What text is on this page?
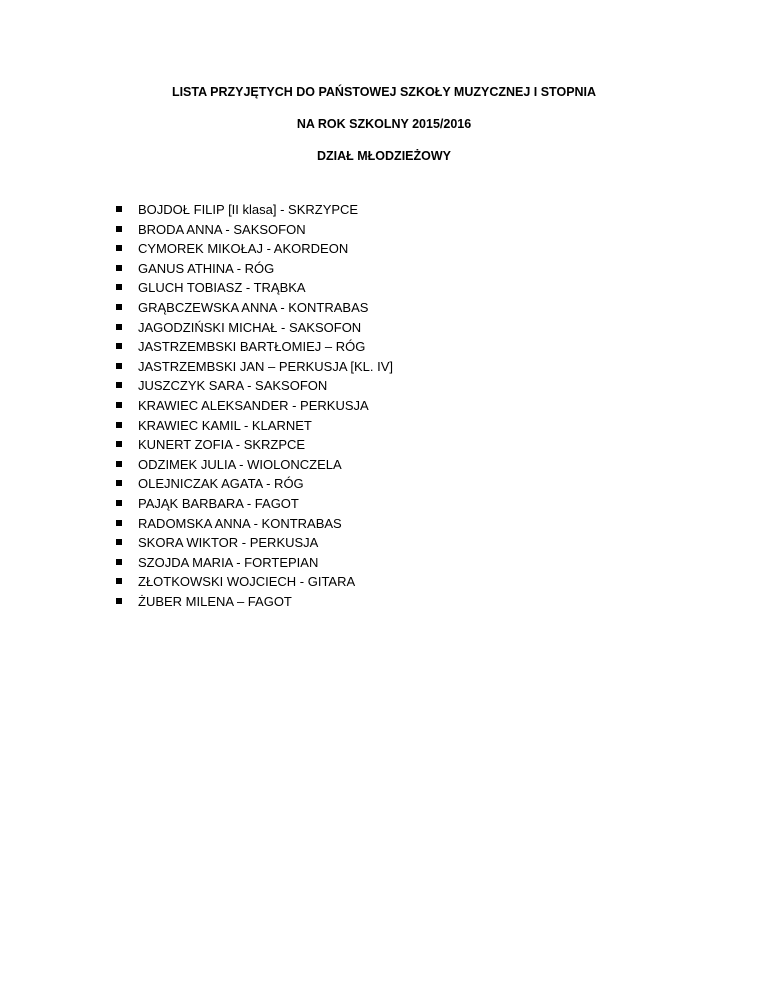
LISTA PRZYJĘTYCH DO PAŃSTOWEJ SZKOŁY MUZYCZNEJ I STOPNIA
NA ROK SZKOLNY 2015/2016
DZIAŁ MŁODZIEŻOWY
BOJDOŁ FILIP [II klasa] - SKRZYPCE
BRODA ANNA - SAKSOFON
CYMOREK MIKOŁAJ - AKORDEON
GANUS ATHINA - RÓG
GLUCH TOBIASZ - TRĄBKA
GRĄBCZEWSKA ANNA - KONTRABAS
JAGODZIŃSKI MICHAŁ - SAKSOFON
JASTRZEMBSKI BARTŁOMIEJ – RÓG
JASTRZEMBSKI JAN – PERKUSJA [KL. IV]
JUSZCZYK SARA - SAKSOFON
KRAWIEC ALEKSANDER - PERKUSJA
KRAWIEC KAMIL - KLARNET
KUNERT ZOFIA - SKRZPCE
ODZIMEK JULIA - WIOLONCZELA
OLEJNICZAK AGATA - RÓG
PAJĄK BARBARA - FAGOT
RADOMSKA ANNA - KONTRABAS
SKORA WIKTOR - PERKUSJA
SZOJDA MARIA - FORTEPIAN
ZŁOTKOWSKI WOJCIECH - GITARA
ŻUBER MILENA – FAGOT
